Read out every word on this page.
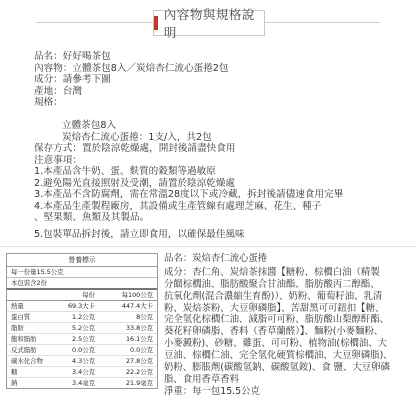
內容物與規格說明
品名：好好喝茶包
內容物：立體茶包8入／炭焙杏仁流心蛋捲2包
成分：請參考下圖
產地：台灣
規格：
立體茶包8入
炭焙杏仁流心蛋捲：1支/入，共2包
保存方式：置於陰涼乾燥處，開封後請盡快食用
注意事項：
1.本產品含牛奶、蛋、麩質的穀類等過敏原
2.避免陽光直接照射及受潮，請置於陰涼乾燥處
3.本產品不含防腐劑，需在常溫28度以下或冷藏，拆封後請儘速食用完畢
4.本產品生產製程廠房，其設備或生產管線有處理芝麻、花生、種子
、堅果類、魚類及其製品。
5.包裝單品拆封後，請立即食用，以確保最佳風味
營養標示
每一份量15.5公克
本包裝含2份
每份	每100公克
熱量	69.3大卡	447.4大卡
蛋白質	1.2公克	8公克
脂肪	5.2公克	33.8公克
飽和脂肪	2.5公克	16.1公克
反式脂肪	0.0公克	0.0公克
碳水化合物	4.3公克	27.8公克
糖	3.4公克	22.2公克
鈉	3.4毫克	21.9毫克
品名：炭焙杏仁流心蛋捲
成分：杏仁角、炭焙茶抹醬【糖粉、棕櫚白油（精製
分餾棕櫚油、脂肪酸聚合甘油酯、脂肪酸丙二醇酯、
抗氧化劑(混合濃縮生育酚)）、奶粉、葡萄籽油、乳清
粉、炭焙茶粉、大豆卵磷脂】、苦甜黑可可鈕扣【糖、
完全氫化棕櫚仁油、減脂可可粉、脂肪酸山梨醇酐酯、
葵花籽卵磷脂、香料（香草蘭醛）】、麵粉(小麥麵粉、
小麥澱粉)、砂糖、雞蛋、可可粉、植物油(棕櫚油、大
豆油、棕櫚仁油、完全氫化硬質棕櫚油、大豆卵磷脂)、
奶粉、膨脹劑(碳酸氫鈉、碳酸氫銨)、食 鹽、大豆卵磷
脂、食用香草香料
淨重：每一包15.5公克
